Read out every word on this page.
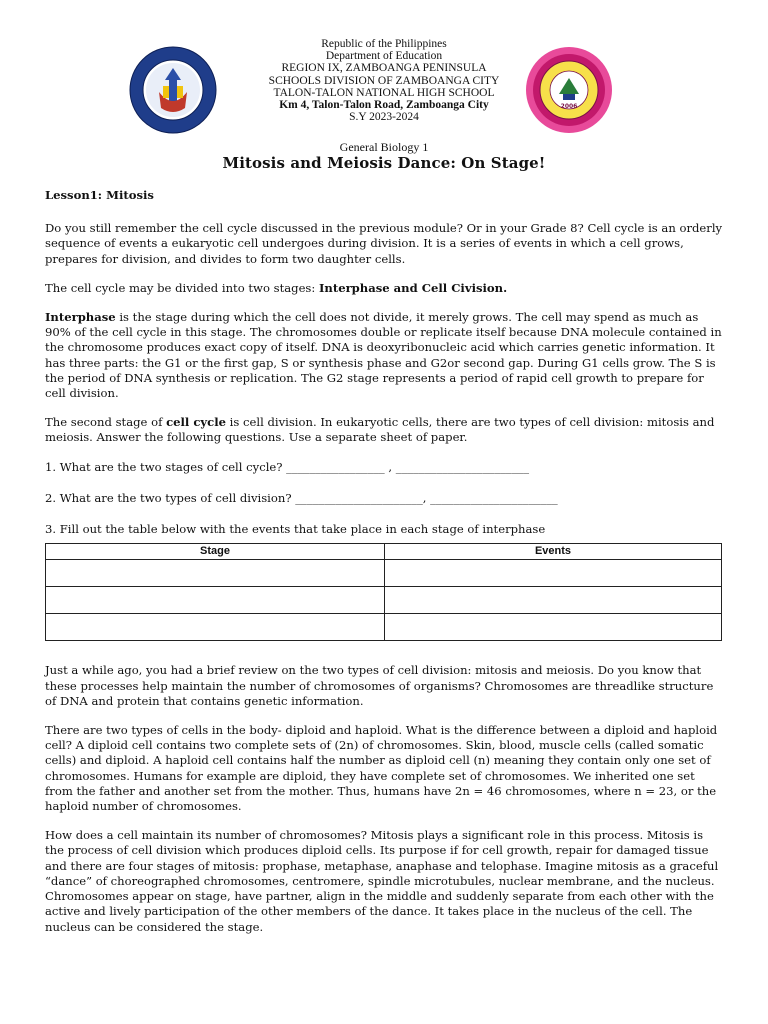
2006
Republic of the Philippines
Department of Education
REGION IX, ZAMBOANGA PENINSULA
SCHOOLS DIVISION OF ZAMBOANGA CITY
TALON-TALON NATIONAL HIGH SCHOOL
Km 4, Talon-Talon Road, Zamboanga City
S.Y 2023-2024
General Biology 1
Mitosis and Meiosis Dance: On Stage!

Lesson1: Mitosis

Do you still remember the cell cycle discussed in the previous module? Or in your Grade 8? Cell cycle is an orderly sequence of events a eukaryotic cell undergoes during division. It is a series of events in which a cell grows, prepares for division, and divides to form two daughter cells.

The cell cycle may be divided into two stages: Interphase and Cell Civision.

Interphase is the stage during which the cell does not divide, it merely grows. The cell may spend as much as 90% of the cell cycle in this stage. The chromosomes double or replicate itself because DNA molecule contained in the chromosome produces exact copy of itself. DNA is deoxyribonucleic acid which carries genetic information. It has three parts: the G1 or the first gap, S or synthesis phase and G2or second gap. During G1 cells grow. The S is the period of DNA synthesis or replication. The G2 stage represents a period of rapid cell growth to prepare for cell division.

The second stage of cell cycle is cell division. In eukaryotic cells, there are two types of cell division: mitosis and meiosis. Answer the following questions. Use a separate sheet of paper.

1. What are the two stages of cell cycle? _________________ , _______________________

2. What are the two types of cell division? ______________________, ______________________

3. Fill out the table below with the events that take place in each stage of interphase

Stage	Events

Just a while ago, you had a brief review on the two types of cell division: mitosis and meiosis. Do you know that these processes help maintain the number of chromosomes of organisms? Chromosomes are threadlike structure of DNA and protein that contains genetic information.

There are two types of cells in the body- diploid and haploid. What is the difference between a diploid and haploid cell? A diploid cell contains two complete sets of (2n) of chromosomes. Skin, blood, muscle cells (called somatic cells) and diploid. A haploid cell contains half the number as diploid cell (n) meaning they contain only one set of chromosomes. Humans for example are diploid, they have complete set of chromosomes. We inherited one set from the father and another set from the mother. Thus, humans have 2n = 46 chromosomes, where n = 23, or the haploid number of chromosomes.

How does a cell maintain its number of chromosomes? Mitosis plays a significant role in this process. Mitosis is the process of cell division which produces diploid cells. Its purpose if for cell growth, repair for damaged tissue and there are four stages of mitosis: prophase, metaphase, anaphase and telophase. Imagine mitosis as a graceful “dance” of choreographed chromosomes, centromere, spindle microtubules, nuclear membrane, and the nucleus. Chromosomes appear on stage, have partner, align in the middle and suddenly separate from each other with the active and lively participation of the other members of the dance. It takes place in the nucleus of the cell. The nucleus can be considered the stage.
